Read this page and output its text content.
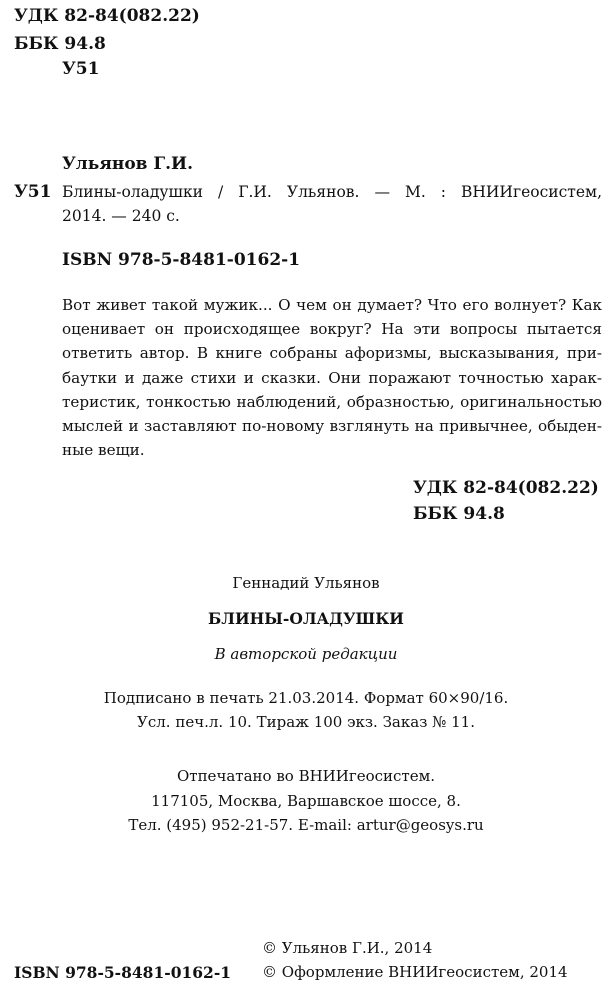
УДК 82-84(082.22)
ББК 94.8
У51
Ульянов Г.И.
У51 Блины-оладушки / Г.И. Ульянов. — М. : ВНИИгеосистем,
2014. — 240 с.
ISBN 978-5-8481-0162-1
Вот живет такой мужик... О чем он думает? Что его волнует? Как
оценивает он происходящее вокруг? На эти вопросы пытается
ответить автор. В книге собраны афоризмы, высказывания, при-
баутки и даже стихи и сказки. Они поражают точностью харак-
теристик, тонкостью наблюдений, образностью, оригинальностью
мыслей и заставляют по-новому взглянуть на привычнее, обыден-
ные вещи.
УДК 82-84(082.22)
ББК 94.8
Геннадий Ульянов
БЛИНЫ-ОЛАДУШКИ
В авторской редакции
Подписано в печать 21.03.2014. Формат 60×90/16.
Усл. печ.л. 10. Тираж 100 экз. Заказ № 11.
Отпечатано во ВНИИгеосистем.
117105, Москва, Варшавское шоссе, 8.
Тел. (495) 952-21-57. E-mail: artur@geosys.ru
© Ульянов Г.И., 2014
ISBN 978-5-8481-0162-1 © Оформление ВНИИгеосистем, 2014
